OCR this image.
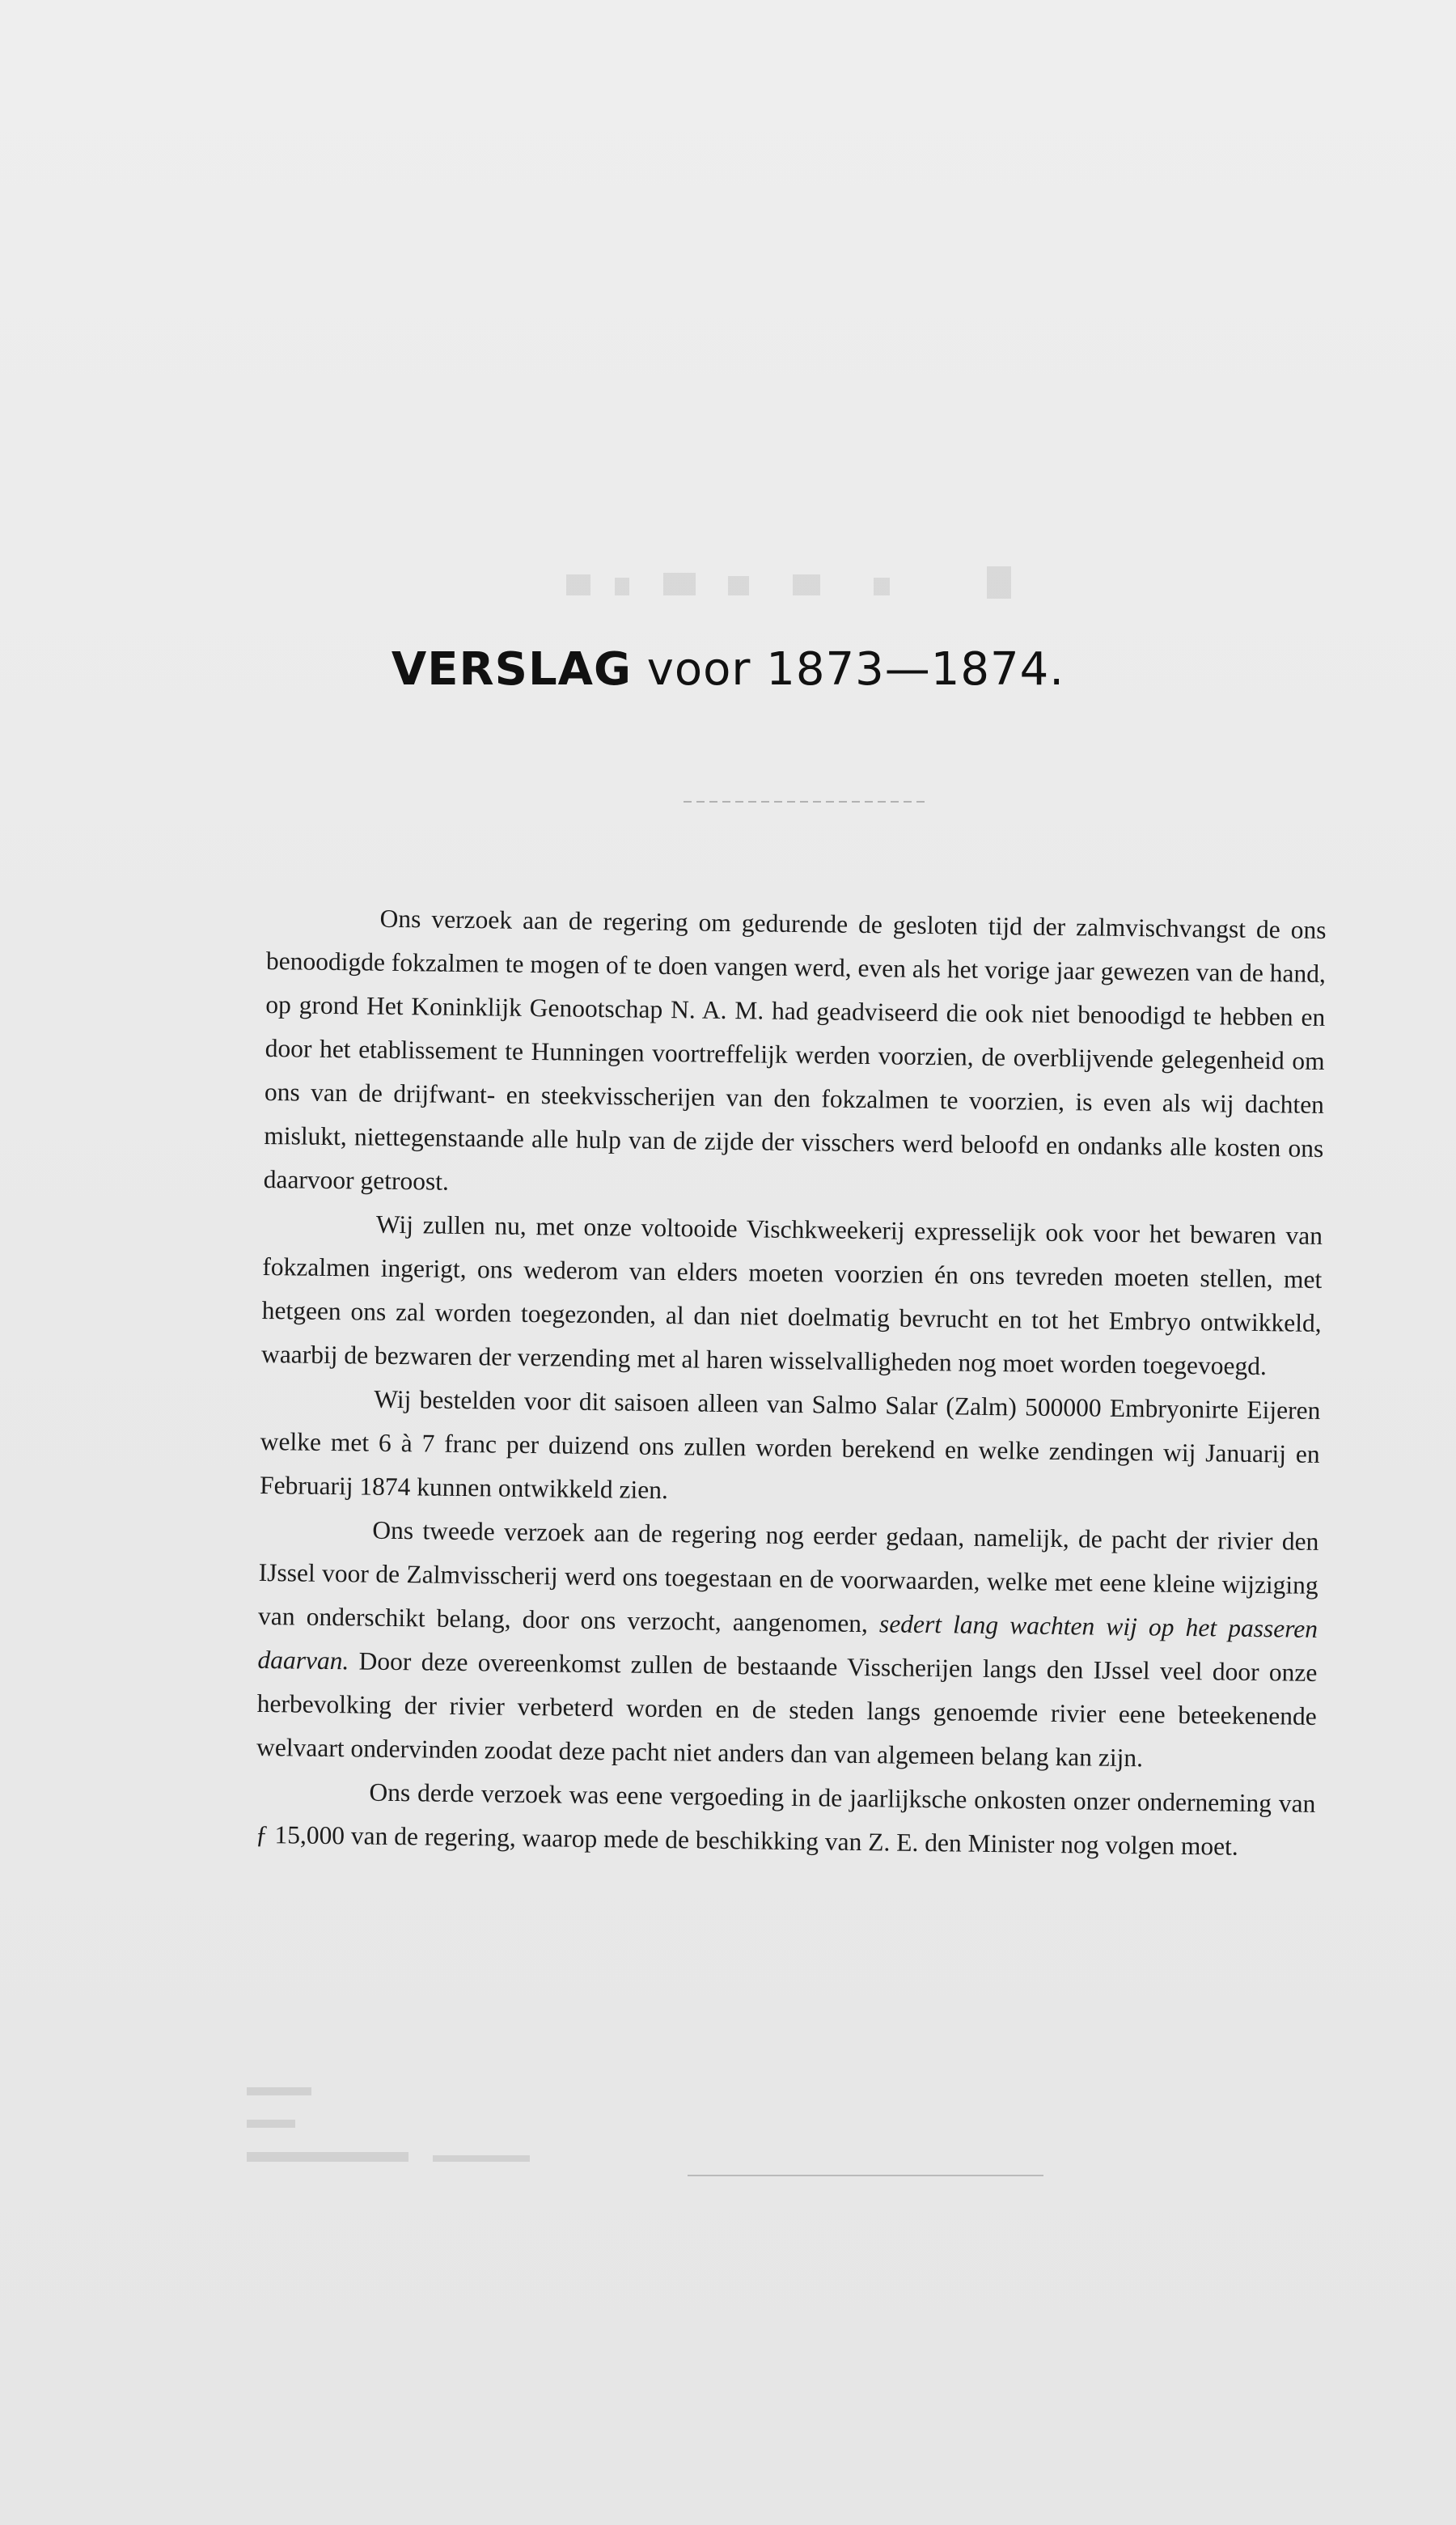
VERSLAG voor 1873—1874.

Ons verzoek aan de regering om gedurende de gesloten tijd der zalmvischvangst de ons benoodigde fokzalmen te mogen of te doen vangen werd, even als het vorige jaar gewezen van de hand, op grond Het Koninklijk Genootschap N. A. M. had geadviseerd die ook niet benoodigd te hebben en door het etablissement te Hunningen voortreffelijk werden voorzien, de overblijvende gelegenheid om ons van de drijfwant- en steekvisscherijen van den fokzalmen te voorzien, is even als wij dachten mislukt, niettegenstaande alle hulp van de zijde der visschers werd beloofd en ondanks alle kosten ons daarvoor getroost.

Wij zullen nu, met onze voltooide Vischkweekerij expresselijk ook voor het bewaren van fokzalmen ingerigt, ons wederom van elders moeten voorzien én ons tevreden moeten stellen, met hetgeen ons zal worden toegezonden, al dan niet doelmatig bevrucht en tot het Embryo ontwikkeld, waarbij de bezwaren der verzending met al haren wisselvalligheden nog moet worden toegevoegd.

Wij bestelden voor dit saisoen alleen van Salmo Salar (Zalm) 500000 Embryonirte Eijeren welke met 6 à 7 franc per duizend ons zullen worden berekend en welke zendingen wij Januarij en Februarij 1874 kunnen ontwikkeld zien.

Ons tweede verzoek aan de regering nog eerder gedaan, namelijk, de pacht der rivier den IJssel voor de Zalmvisscherij werd ons toegestaan en de voorwaarden, welke met eene kleine wijziging van onderschikt belang, door ons verzocht, aangenomen, sedert lang wachten wij op het passeren daarvan. Door deze overeenkomst zullen de bestaande Visscherijen langs den IJssel veel door onze herbevolking der rivier verbeterd worden en de steden langs genoemde rivier eene beteekenende welvaart ondervinden zoodat deze pacht niet anders dan van algemeen belang kan zijn.

Ons derde verzoek was eene vergoeding in de jaarlijksche onkosten onzer onderneming van ƒ 15,000 van de regering, waarop mede de beschikking van Z. E. den Minister nog volgen moet.
